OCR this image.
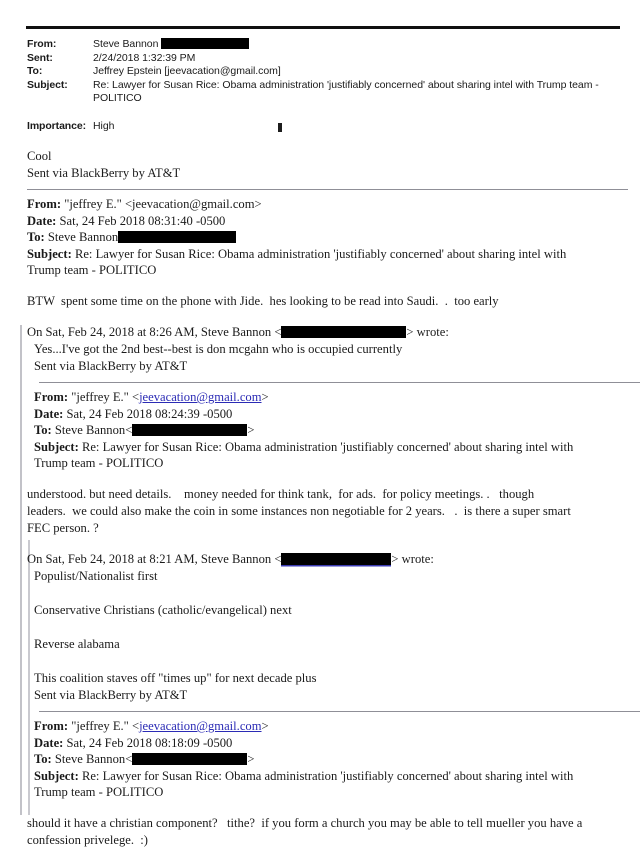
From:	Steve Bannon
Sent:	2/24/2018 1:32:39 PM
To:	Jeffrey Epstein [jeevacation@gmail.com]
Subject:	Re: Lawyer for Susan Rice: Obama administration 'justifiably concerned' about sharing intel with Trump team -
POLITICO
Importance: High
Cool
Sent via BlackBerry by AT&T
From: "jeffrey E." <jeevacation@gmail.com>
Date: Sat, 24 Feb 2018 08:31:40 -0500
To: Steve Bannon
Subject: Re: Lawyer for Susan Rice: Obama administration 'justifiably concerned' about sharing intel with
Trump team - POLITICO
BTW  spent some time on the phone with Jide.  hes looking to be read into Saudi.  .  too early
On Sat, Feb 24, 2018 at 8:26 AM, Steve Bannon <	> wrote:
Yes...I've got the 2nd best--best is don mcgahn who is occupied currently
Sent via BlackBerry by AT&T
From: "jeffrey E." <jeevacation@gmail.com>
Date: Sat, 24 Feb 2018 08:24:39 -0500
To: Steve Bannon<	>
Subject: Re: Lawyer for Susan Rice: Obama administration 'justifiably concerned' about sharing intel with
Trump team - POLITICO
understood. but need details.    money needed for think tank,  for ads.  for policy meetings. .   though
leaders.  we could also make the coin in some instances non negotiable for 2 years.   .  is there a super smart
FEC person. ?
On Sat, Feb 24, 2018 at 8:21 AM, Steve Bannon <	> wrote:
Populist/Nationalist first
Conservative Christians (catholic/evangelical) next
Reverse alabama
This coalition staves off "times up" for next decade plus
Sent via BlackBerry by AT&T
From: "jeffrey E." <jeevacation@gmail.com>
Date: Sat, 24 Feb 2018 08:18:09 -0500
To: Steve Bannon<	>
Subject: Re: Lawyer for Susan Rice: Obama administration 'justifiably concerned' about sharing intel with
Trump team - POLITICO
should it have a christian component?   tithe?  if you form a church you may be able to tell mueller you have a
confession privelege.  :)
